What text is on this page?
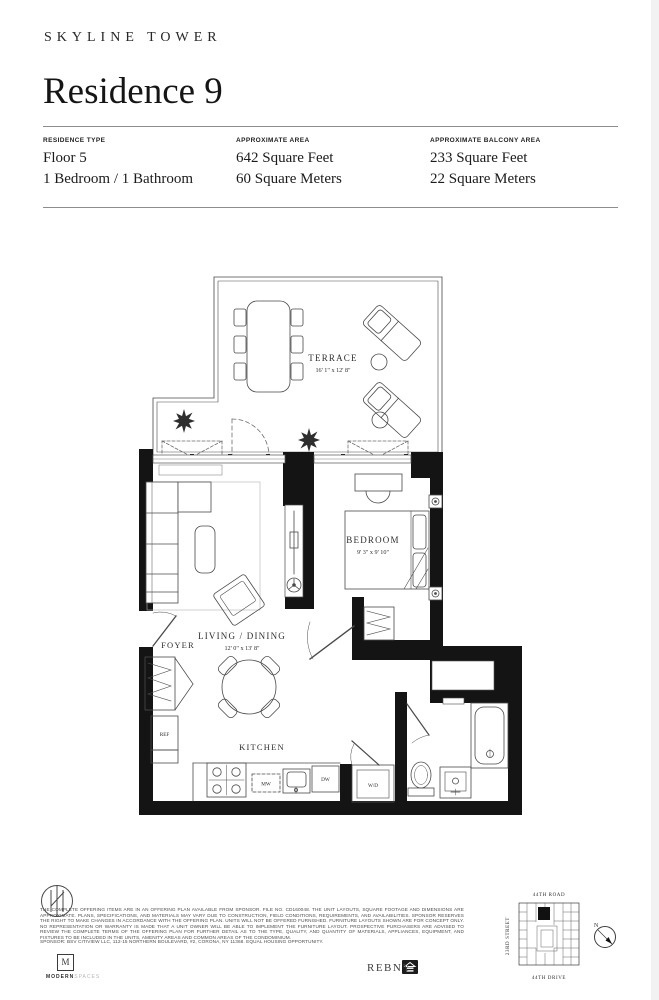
SKYLINE TOWER
Residence 9
RESIDENCE TYPE
Floor 5
1 Bedroom / 1 Bathroom
APPROXIMATE AREA
642 Square Feet
60 Square Meters
APPROXIMATE BALCONY AREA
233 Square Feet
22 Square Meters
TERRACE
16' 1" x 12' 8"
LIVING / DINING
12' 0" x 13' 8"
BEDROOM
9' 3" x 9' 10"
KITCHEN
FOYER
REF
MW
DW
W/D
44TH ROAD
44TH DRIVE
23RD STREET	N
THE COMPLETE OFFERING ITEMS ARE IN AN OFFERING PLAN AVAILABLE FROM SPONSOR. FILE NO. CD160048. THE UNIT LAYOUTS, SQUARE FOOTAGE AND DIMENSIONS ARE APPROXIMATE. PLANS, SPECIFICATIONS, AND MATERIALS MAY VARY DUE TO CONSTRUCTION, FIELD CONDITIONS, REQUIREMENTS, AND AVAILABILITIES. SPONSOR RESERVES THE RIGHT TO MAKE CHANGES IN ACCORDANCE WITH THE OFFERING PLAN. UNITS WILL NOT BE OFFERED FURNISHED. FURNITURE LAYOUTS SHOWN ARE FOR CONCEPT ONLY. NO REPRESENTATION OR WARRANTY IS MADE THAT A UNIT OWNER WILL BE ABLE TO IMPLEMENT THE FURNITURE LAYOUT. PROSPECTIVE PURCHASERS ARE ADVISED TO REVIEW THE COMPLETE TERMS OF THE OFFERING PLAN FOR FURTHER DETAIL AS TO THE TYPE, QUALITY, AND QUANTITY OF MATERIALS, APPLIANCES, EQUIPMENT, AND FIXTURES TO BE INCLUDED IN THE UNITS, AMENITY AREAS AND COMMON AREAS OF THE CONDOMINIUM.
SPONSOR: BSV CITIVIEW LLC, 112-15 NORTHERN BOULEVARD, #2, CORONA, NY 11368. EQUAL HOUSING OPPORTUNITY.
M
MODERNSPACES
REBNY
